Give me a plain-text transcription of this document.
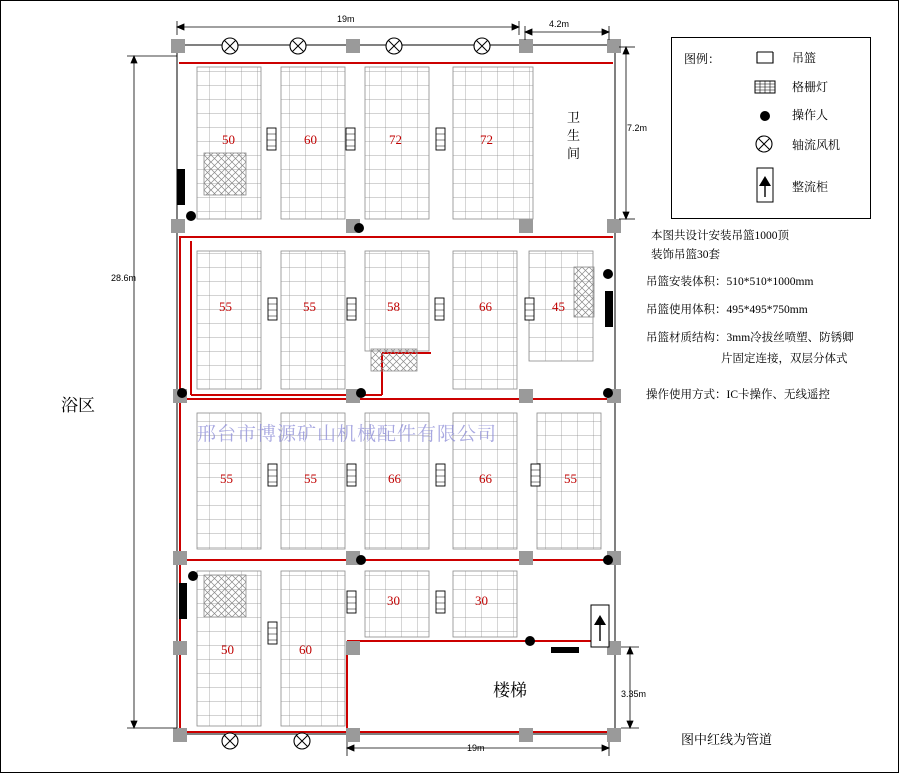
19m	4.2m
28.6m
7.2m
3.35m
19m
浴区
卫生间
楼梯
50	60	72	72
55	55	58	66	45
55	55	66	66	55
30	30
50	60
邢台市博源矿山机械配件有限公司
图例：	吊篮
格栅灯
操作人
轴流风机
整流柜
本图共设计安装吊篮1000顶
装饰吊篮30套
吊篮安装体积：510*510*1000mm
吊篮使用体积：495*495*750mm
吊篮材质结构：3mm冷拔丝喷塑、防锈卿
片固定连接，双层分体式
操作使用方式：IC卡操作、无线遥控
图中红线为管道
